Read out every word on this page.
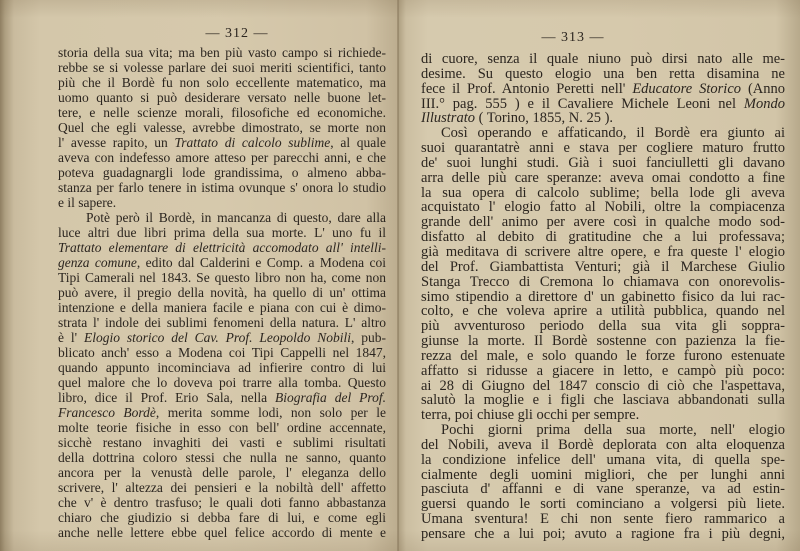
— 312 —
storia della sua vita; ma ben più vasto campo si richiede-
rebbe se si volesse parlare dei suoi meriti scientifici, tanto
più che il Bordè fu non solo eccellente matematico, ma
uomo quanto si può desiderare versato nelle buone let-
tere, e nelle scienze morali, filosofiche ed economiche.
Quel che egli valesse, avrebbe dimostrato, se morte non
l' avesse rapito, un Trattato di calcolo sublime, al quale
aveva con indefesso amore atteso per parecchi anni, e che
poteva guadagnargli lode grandissima, o almeno abba-
stanza per farlo tenere in istima ovunque s' onora lo studio
e il sapere.
Potè però il Bordè, in mancanza di questo, dare alla
luce altri due libri prima della sua morte. L' uno fu il
Trattato elementare di elettricità accomodato all' intelli-
genza comune, edito dal Calderini e Comp. a Modena coi
Tipi Camerali nel 1843. Se questo libro non ha, come non
può avere, il pregio della novità, ha quello di un' ottima
intenzione e della maniera facile e piana con cui è dimo-
strata l' indole dei sublimi fenomeni della natura. L' altro
è l' Elogio storico del Cav. Prof. Leopoldo Nobili, pub-
blicato anch' esso a Modena coi Tipi Cappelli nel 1847,
quando appunto incominciava ad infierire contro di lui
quel malore che lo doveva poi trarre alla tomba. Questo
libro, dice il Prof. Erio Sala, nella Biografia del Prof.
Francesco Bordè, merita somme lodi, non solo per le
molte teorie fisiche in esso con bell' ordine accennate,
sicchè restano invaghiti dei vasti e sublimi risultati
della dottrina coloro stessi che nulla ne sanno, quanto
ancora per la venustà delle parole, l' eleganza dello
scrivere, l' altezza dei pensieri e la nobiltà dell' affetto
che v' è dentro trasfuso; le quali doti fanno abbastanza
chiaro che giudizio si debba fare di lui, e come egli
anche nelle lettere ebbe quel felice accordo di mente e
— 313 —
di cuore, senza il quale niuno può dirsi nato alle me-
desime. Su questo elogio una ben retta disamina ne
fece il Prof. Antonio Peretti nell' Educatore Storico (Anno
III.° pag. 555 ) e il Cavaliere Michele Leoni nel Mondo
Illustrato ( Torino, 1855, N. 25 ).
Così operando e affaticando, il Bordè era giunto ai
suoi quarantatrè anni e stava per cogliere maturo frutto
de' suoi lunghi studi. Già i suoi fanciulletti gli davano
arra delle più care speranze: aveva omai condotto a fine
la sua opera di calcolo sublime; bella lode gli aveva
acquistato l' elogio fatto al Nobili, oltre la compiacenza
grande dell' animo per avere così in qualche modo sod-
disfatto al debito di gratitudine che a lui professava;
già meditava di scrivere altre opere, e fra queste l' elogio
del Prof. Giambattista Venturi; già il Marchese Giulio
Stanga Trecco di Cremona lo chiamava con onorevolis-
simo stipendio a direttore d' un gabinetto fisico da lui rac-
colto, e che voleva aprire a utilità pubblica, quando nel
più avventuroso periodo della sua vita gli soppra-
giunse la morte. Il Bordè sostenne con pazienza la fie-
rezza del male, e solo quando le forze furono estenuate
affatto si ridusse a giacere in letto, e campò più poco:
ai 28 di Giugno del 1847 conscio di ciò che l'aspettava,
salutò la moglie e i figli che lasciava abbandonati sulla
terra, poi chiuse gli occhi per sempre.
Pochi giorni prima della sua morte, nell' elogio
del Nobili, aveva il Bordè deplorata con alta eloquenza
la condizione infelice dell' umana vita, di quella spe-
cialmente degli uomini migliori, che per lunghi anni
pasciuta d' affanni e di vane speranze, va ad estin-
guersi quando le sorti cominciano a volgersi più liete.
Umana sventura! E chi non sente fiero rammarico a
pensare che a lui poi; avuto a ragione fra i più degni,
